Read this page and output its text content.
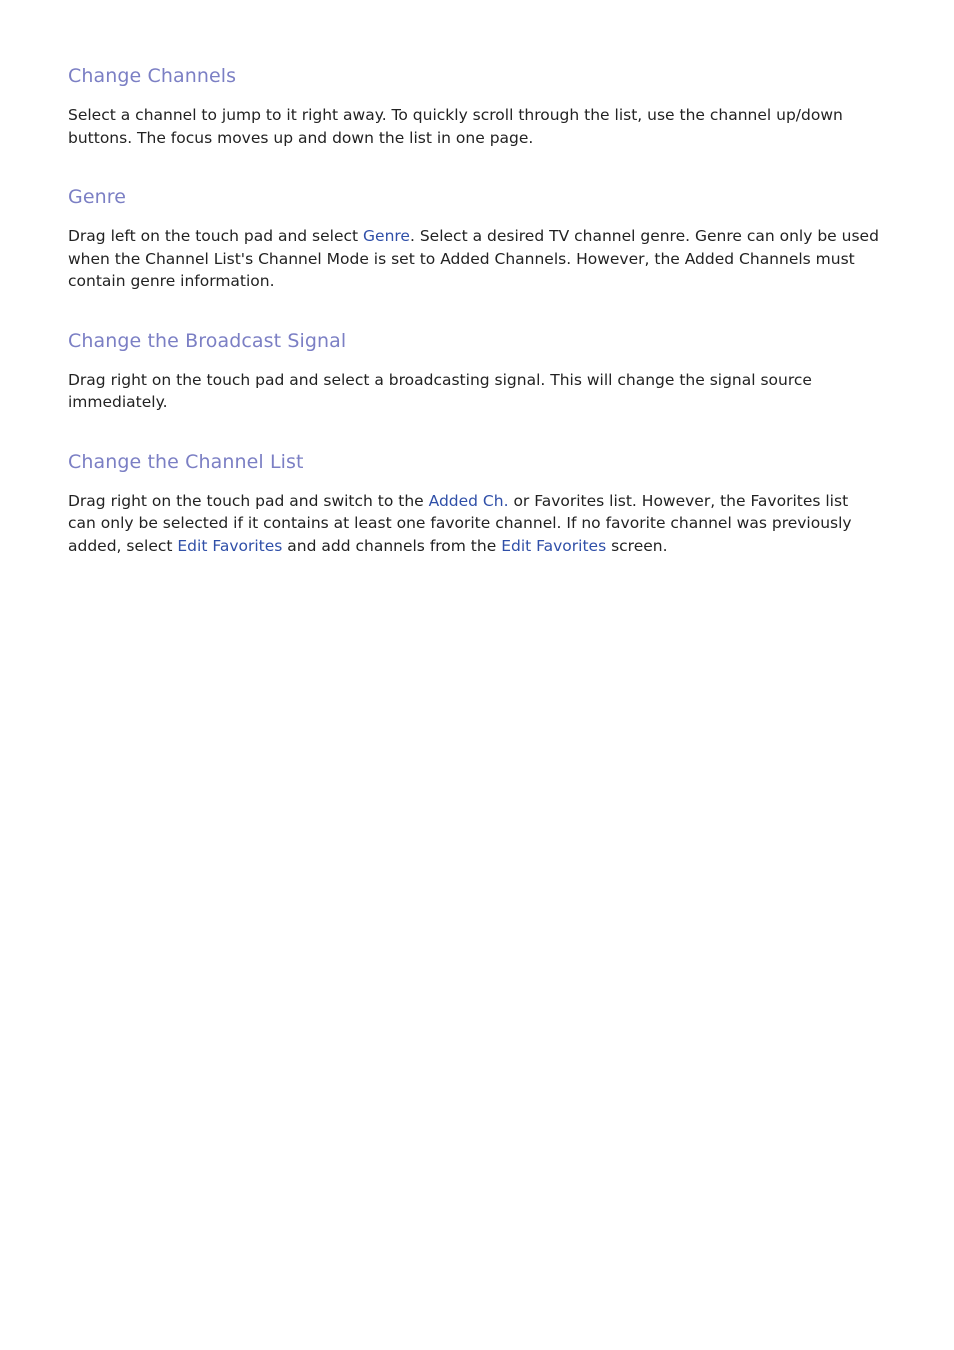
Change Channels

Select a channel to jump to it right away. To quickly scroll through the list, use the channel up/down buttons. The focus moves up and down the list in one page.

Genre

Drag left on the touch pad and select Genre. Select a desired TV channel genre. Genre can only be used when the Channel List's Channel Mode is set to Added Channels. However, the Added Channels must contain genre information.

Change the Broadcast Signal

Drag right on the touch pad and select a broadcasting signal. This will change the signal source immediately.

Change the Channel List

Drag right on the touch pad and switch to the Added Ch. or Favorites list. However, the Favorites list can only be selected if it contains at least one favorite channel. If no favorite channel was previously added, select Edit Favorites and add channels from the Edit Favorites screen.
